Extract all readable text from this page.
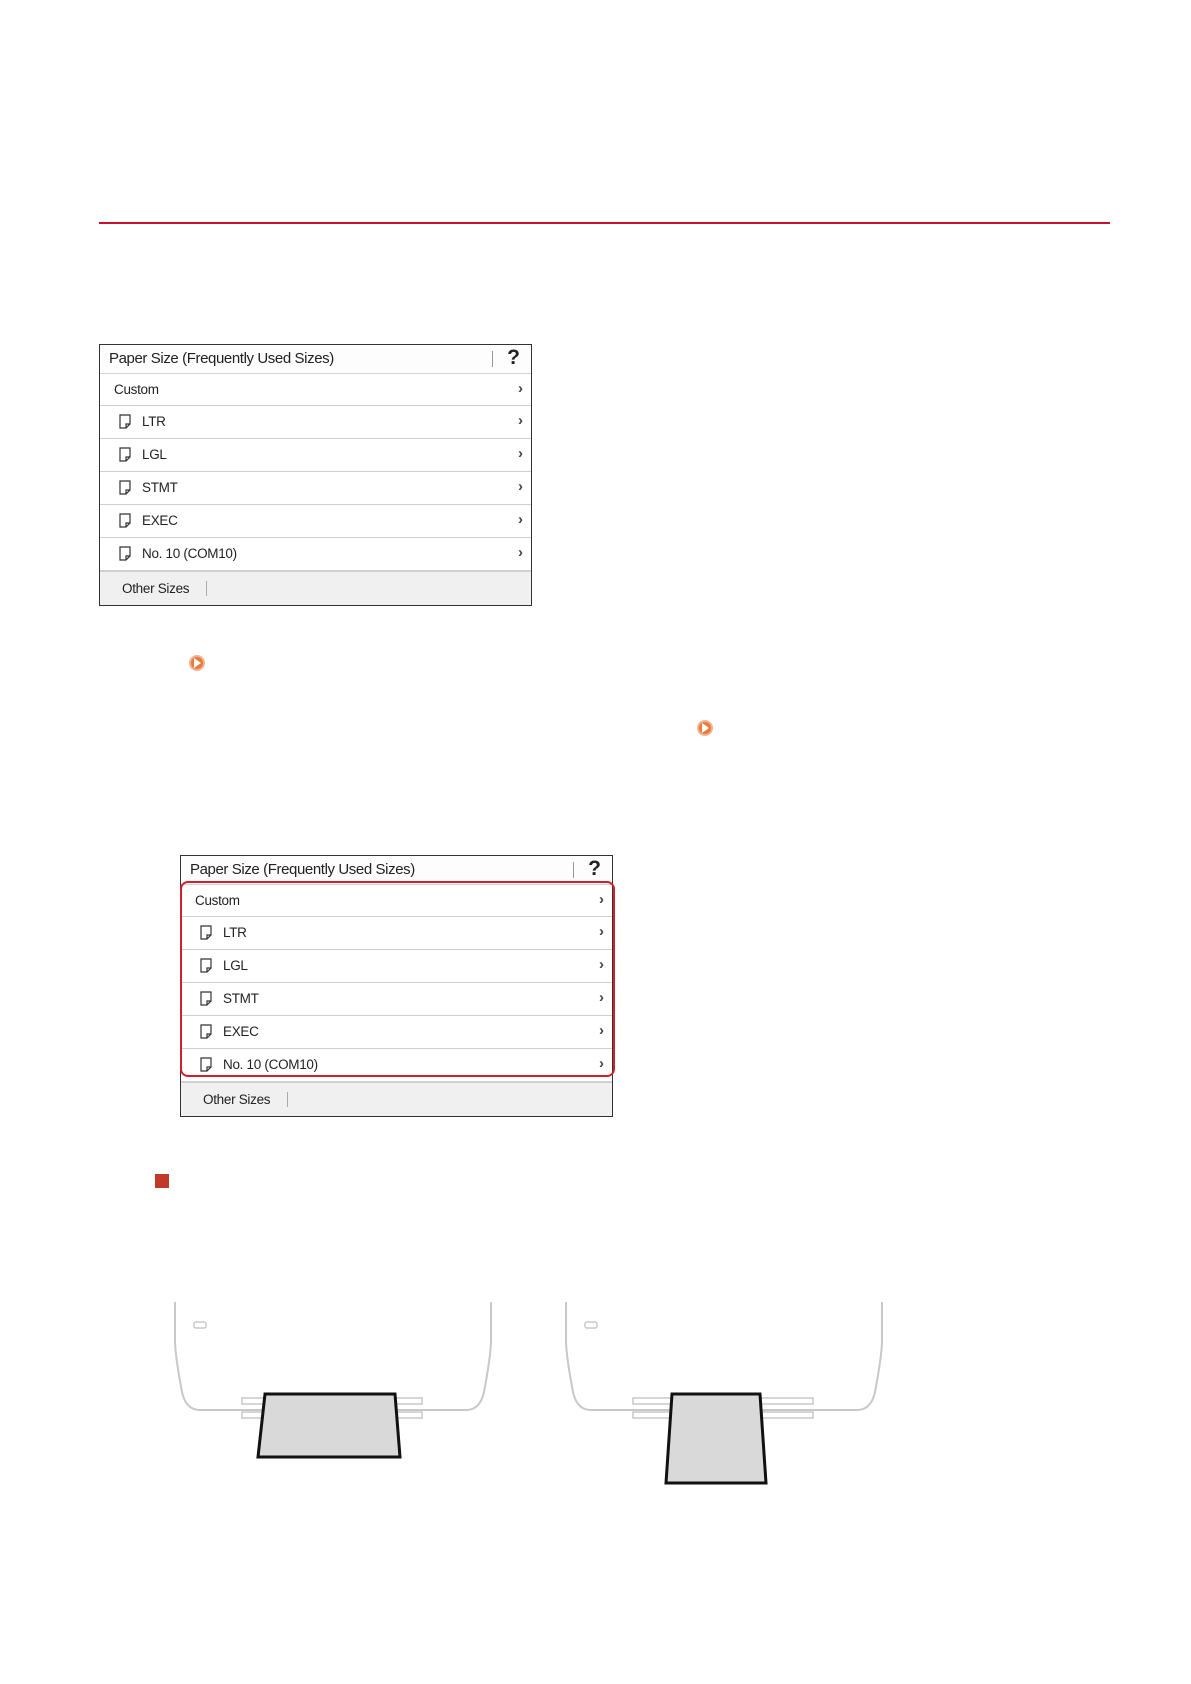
Paper Size (Frequently Used Sizes)	?
Custom	›
LTR	›
LGL	›
STMT	›
EXEC	›
No. 10 (COM10)	›
Other Sizes
Paper Size (Frequently Used Sizes)	?
Custom	›
LTR	›
LGL	›
STMT	›
EXEC	›
No. 10 (COM10)	›
Other Sizes
